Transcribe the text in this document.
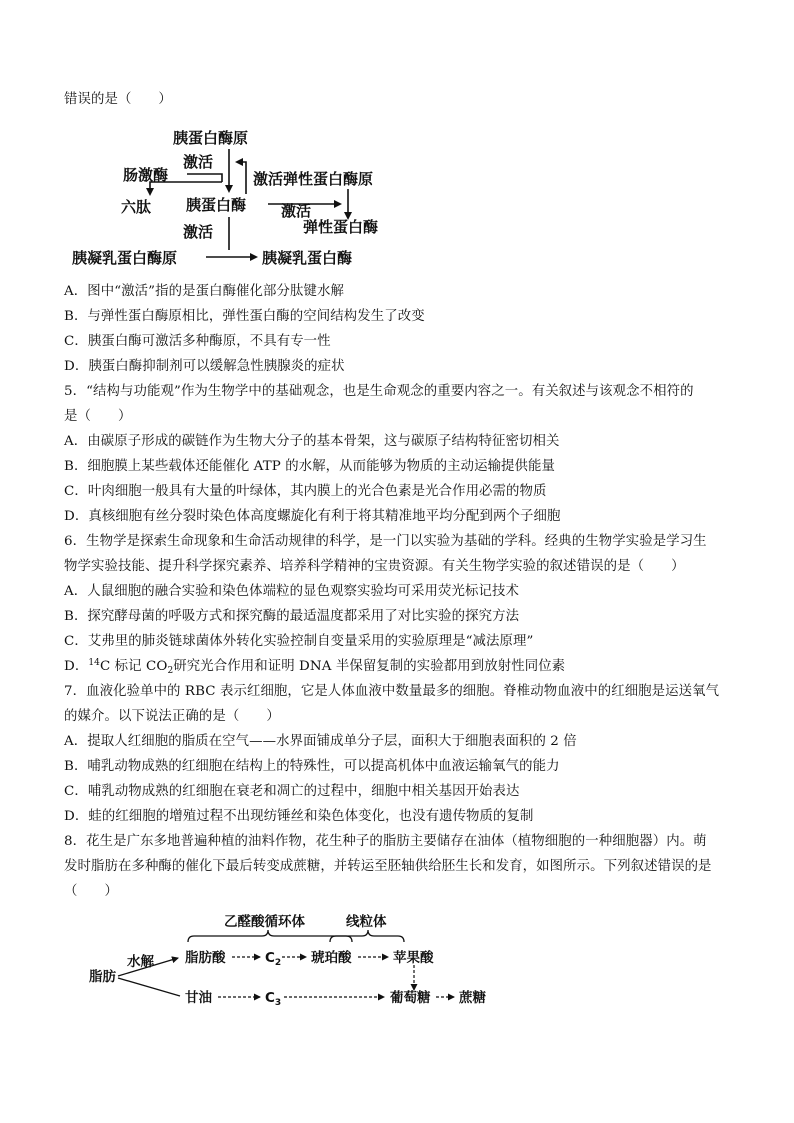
错误的是（　　）
胰蛋白酶原
激活
肠激酶	激活弹性蛋白酶原
六肽 胰蛋白酶 激活
弹性蛋白酶
激活
胰凝乳蛋白酶原	胰凝乳蛋白酶
A．图中“激活”指的是蛋白酶催化部分肽键水解
B．与弹性蛋白酶原相比，弹性蛋白酶的空间结构发生了改变
C．胰蛋白酶可激活多种酶原，不具有专一性
D．胰蛋白酶抑制剂可以缓解急性胰腺炎的症状
5．“结构与功能观”作为生物学中的基础观念，也是生命观念的重要内容之一。有关叙述与该观念不相符的
是（　　）
A．由碳原子形成的碳链作为生物大分子的基本骨架，这与碳原子结构特征密切相关
B．细胞膜上某些载体还能催化 ATP 的水解，从而能够为物质的主动运输提供能量
C．叶肉细胞一般具有大量的叶绿体，其内膜上的光合色素是光合作用必需的物质
D．真核细胞有丝分裂时染色体高度螺旋化有利于将其精准地平均分配到两个子细胞
6．生物学是探索生命现象和生命活动规律的科学，是一门以实验为基础的学科。经典的生物学实验是学习生
物学实验技能、提升科学探究素养、培养科学精神的宝贵资源。有关生物学实验的叙述错误的是（　　）
A．人鼠细胞的融合实验和染色体端粒的显色观察实验均可采用荧光标记技术
B．探究酵母菌的呼吸方式和探究酶的最适温度都采用了对比实验的探究方法
C．艾弗里的肺炎链球菌体外转化实验控制自变量采用的实验原理是“减法原理”
D．$^{14}$C 标记 $CO_2$研究光合作用和证明 DNA 半保留复制的实验都用到放射性同位素
7．血液化验单中的 RBC 表示红细胞，它是人体血液中数量最多的细胞。脊椎动物血液中的红细胞是运送氧气
的媒介。以下说法正确的是（　　）
A．提取人红细胞的脂质在空气——水界面铺成单分子层，面积大于细胞表面积的 2 倍
B．哺乳动物成熟的红细胞在结构上的特殊性，可以提高机体中血液运输氧气的能力
C．哺乳动物成熟的红细胞在衰老和凋亡的过程中，细胞中相关基因开始表达
D．蛙的红细胞的增殖过程不出现纺锤丝和染色体变化，也没有遗传物质的复制
8．花生是广东多地普遍种植的油料作物，花生种子的脂肪主要储存在油体（植物细胞的一种细胞器）内。萌
发时脂肪在多种酶的催化下最后转变成蔗糖，并转运至胚轴供给胚生长和发育，如图所示。下列叙述错误的是
（　　）
乙醛酸循环体	线粒体
水解
脂肪
脂肪酸	$C_2$ 琥珀酸	苹果酸
甘油	$C_3$	葡萄糖 蔗糖
